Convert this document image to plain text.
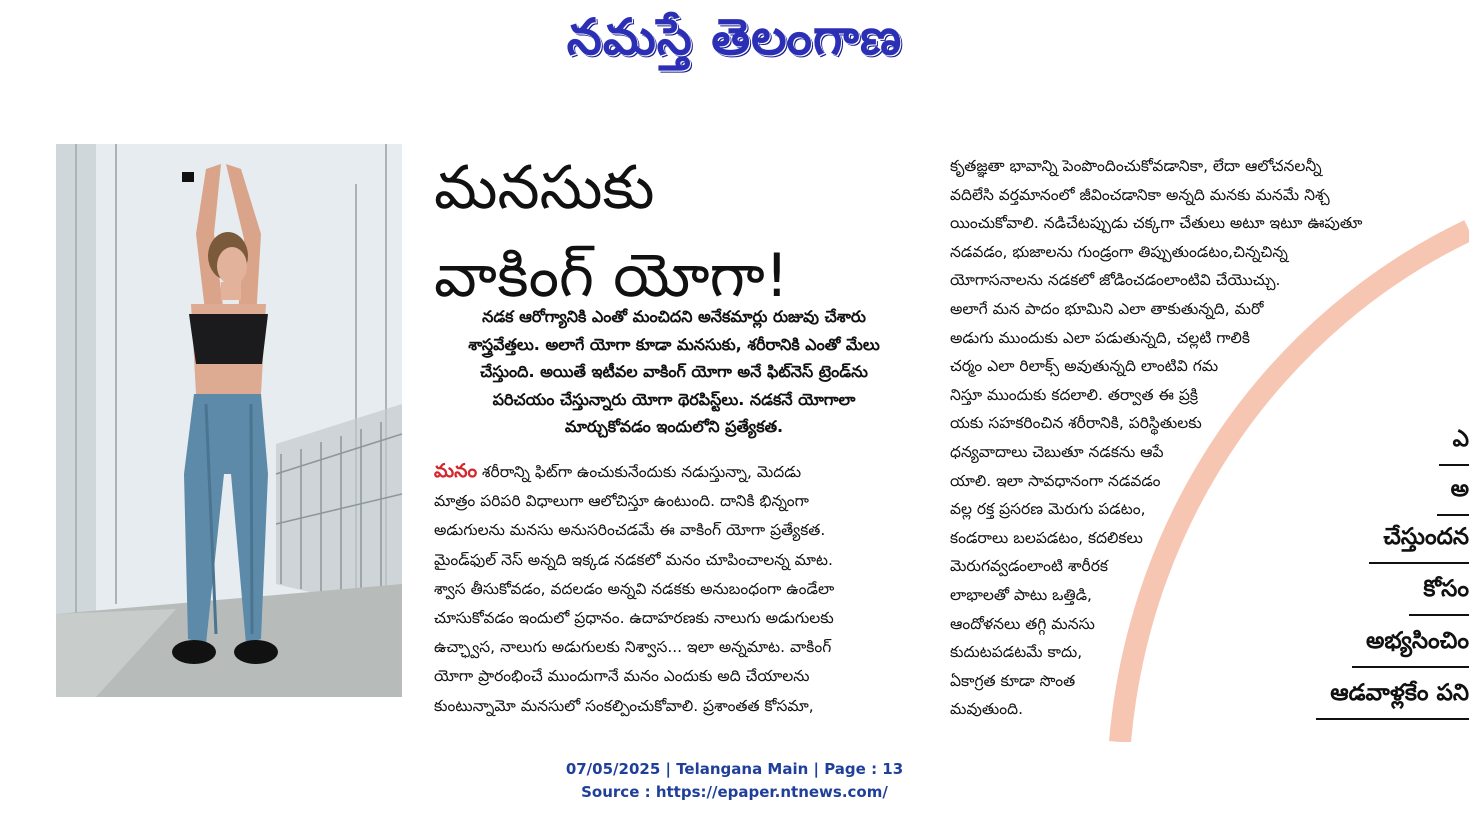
నమస్తే తెలంగాణ
మనసుకు
వాకింగ్ యోగా!
నడక ఆరోగ్యానికి ఎంతో మంచిదని అనేకమార్లు రుజువు చేశారు
శాస్త్రవేత్తలు. అలాగే యోగా కూడా మనసుకు, శరీరానికి ఎంతో మేలు
చేస్తుంది. అయితే ఇటీవల వాకింగ్ యోగా అనే ఫిట్‌నెస్ ట్రెండ్‌ను
పరిచయం చేస్తున్నారు యోగా థెరపిస్ట్‌లు. నడకనే యోగాలా
మార్చుకోవడం ఇందులోని ప్రత్యేకత.
మనం శరీరాన్ని ఫిట్‌గా ఉంచుకునేందుకు నడుస్తున్నా, మెదడు
మాత్రం పరిపరి విధాలుగా ఆలోచిస్తూ ఉంటుంది. దానికి భిన్నంగా
అడుగులను మనసు అనుసరించడమే ఈ వాకింగ్ యోగా ప్రత్యేకత.
మైండ్‌ఫుల్ నెస్ అన్నది ఇక్కడ నడకలో మనం చూపించాలన్న మాట.
శ్వాస తీసుకోవడం, వదలడం అన్నవి నడకకు అనుబంధంగా ఉండేలా
చూసుకోవడం ఇందులో ప్రధానం. ఉదాహరణకు నాలుగు అడుగులకు
ఉచ్ఛ్వాస, నాలుగు అడుగులకు నిశ్వాస... ఇలా అన్నమాట. వాకింగ్
యోగా ప్రారంభించే ముందుగానే మనం ఎందుకు అది చేయాలను
కుంటున్నామో మనసులో సంకల్పించుకోవాలి. ప్రశాంతత కోసమా,
కృతజ్ఞతా భావాన్ని పెంపొందించుకోవడానికా, లేదా ఆలోచనలన్నీ
వదిలేసి వర్తమానంలో జీవించడానికా అన్నది మనకు మనమే నిశ్చ
యించుకోవాలి. నడిచేటప్పుడు చక్కగా చేతులు అటూ ఇటూ ఊపుతూ
నడవడం, భుజాలను గుండ్రంగా తిప్పుతుండటం,చిన్నచిన్న
యోగాసనాలను నడకలో జోడించడంలాంటివి చేయొచ్చు.
అలాగే మన పాదం భూమిని ఎలా తాకుతున్నది, మరో
అడుగు ముందుకు ఎలా పడుతున్నది, చల్లటి గాలికి
చర్మం ఎలా రిలాక్స్ అవుతున్నది లాంటివి గమ
నిస్తూ ముందుకు కదలాలి. తర్వాత ఈ ప్రక్రి
యకు సహకరించిన శరీరానికి, పరిస్థితులకు
ధన్యవాదాలు చెబుతూ నడకను ఆపే
యాలి. ఇలా సావధానంగా నడవడం
వల్ల రక్త ప్రసరణ మెరుగు పడటం,
కండరాలు బలపడటం, కదలికలు
మెరుగవ్వడంలాంటి శారీరక
లాభాలతో పాటు ఒత్తిడి,
ఆందోళనలు తగ్గి మనసు
కుదుటపడటమే కాదు,
ఏకాగ్రత కూడా సొంత
మవుతుంది.
ఎ
అ
చేస్తుందన
కోసం
అభ్యసించిం
ఆడవాళ్లకేం పని
07/05/2025 | Telangana Main | Page : 13
Source : https://epaper.ntnews.com/
